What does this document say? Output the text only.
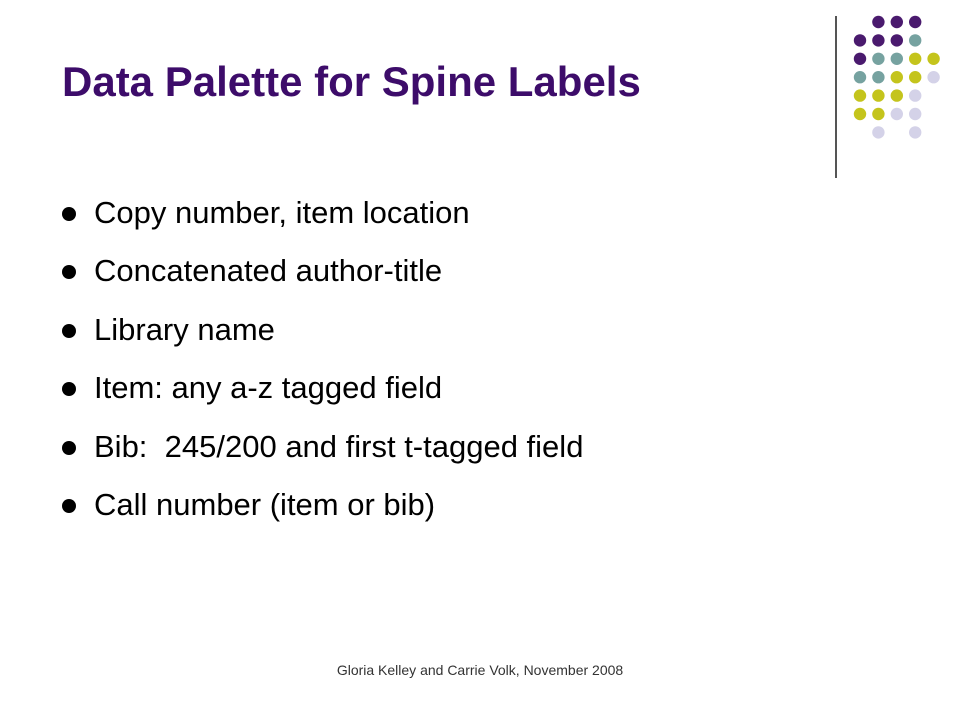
Data Palette for Spine Labels
Copy number, item location
Concatenated author-title
Library name
Item: any a-z tagged field
Bib:  245/200 and first t-tagged field
Call number (item or bib)
Gloria Kelley and Carrie Volk, November 2008
